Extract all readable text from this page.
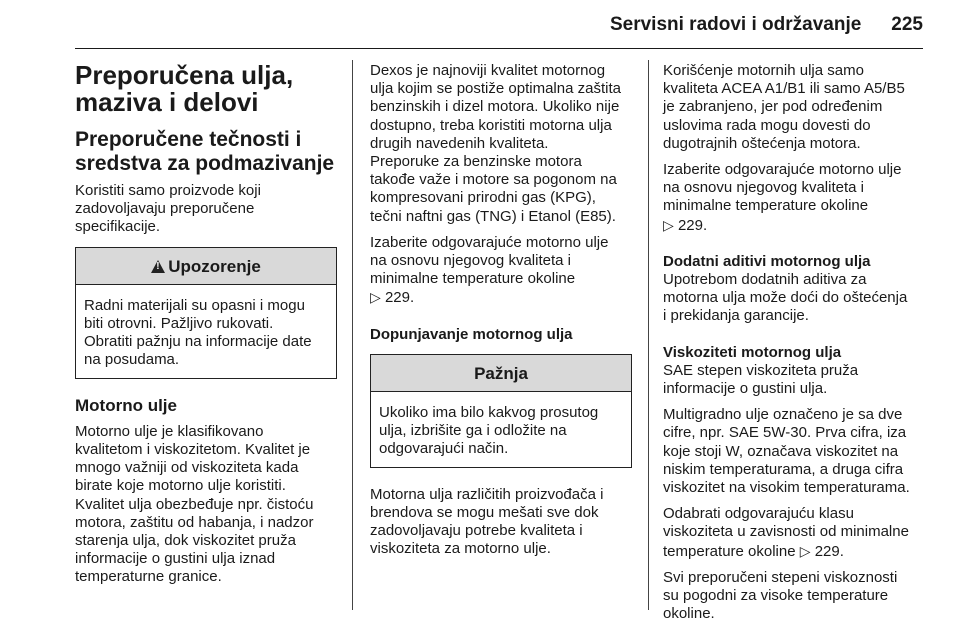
Servisni radovi i održavanje 225
Preporučena ulja,
maziva i delovi
Preporučene tečnosti i
sredstva za podmazivanje

Koristiti samo proizvode koji
zadovoljavaju preporučene
specifikacije.

!Upozorenje
Radni materijali su opasni i mogu
biti otrovni. Pažljivo rukovati.
Obratiti pažnju na informacije date
na posudama.
Motorno ulje

Motorno ulje je klasifikovano
kvalitetom i viskozitetom. Kvalitet je
mnogo važniji od viskoziteta kada
birate koje motorno ulje koristiti.
Kvalitet ulja obezbeđuje npr. čistoću
motora, zaštitu od habanja, i nadzor
starenja ulja, dok viskozitet pruža
informacije o gustini ulja iznad
temperaturne granice.

Dexos je najnoviji kvalitet motornog
ulja kojim se postiže optimalna zaštita
benzinskih i dizel motora. Ukoliko nije
dostupno, treba koristiti motorna ulja
drugih navedenih kvaliteta.
Preporuke za benzinske motora
takođe važe i motore sa pogonom na
kompresovani prirodni gas (KPG),
tečni naftni gas (TNG) i Etanol (E85).

Izaberite odgovarajuće motorno ulje
na osnovu njegovog kvaliteta i
minimalne temperature okoline
▷ 229.

Dopunjavanje motornog ulja
Pažnja
Ukoliko ima bilo kakvog prosutog
ulja, izbrišite ga i odložite na
odgovarajući način.

Motorna ulja različitih proizvođača i
brendova se mogu mešati sve dok
zadovoljavaju potrebe kvaliteta i
viskoziteta za motorno ulje.

Korišćenje motornih ulja samo
kvaliteta ACEA A1/B1 ili samo A5/B5
je zabranjeno, jer pod određenim
uslovima rada mogu dovesti do
dugotrajnih oštećenja motora.

Izaberite odgovarajuće motorno ulje
na osnovu njegovog kvaliteta i
minimalne temperature okoline
▷ 229.

Dodatni aditivi motornog ulja

Upotrebom dodatnih aditiva za
motorna ulja može doći do oštećenja
i prekidanja garancije.

Viskoziteti motornog ulja

SAE stepen viskoziteta pruža
informacije o gustini ulja.

Multigradno ulje označeno je sa dve
cifre, npr. SAE 5W-30. Prva cifra, iza
koje stoji W, označava viskozitet na
niskim temperaturama, a druga cifra
viskozitet na visokim temperaturama.

Odabrati odgovarajuću klasu
viskoziteta u zavisnosti od minimalne
temperature okoline ▷ 229.

Svi preporučeni stepeni viskoznosti
su pogodni za visoke temperature
okoline.
